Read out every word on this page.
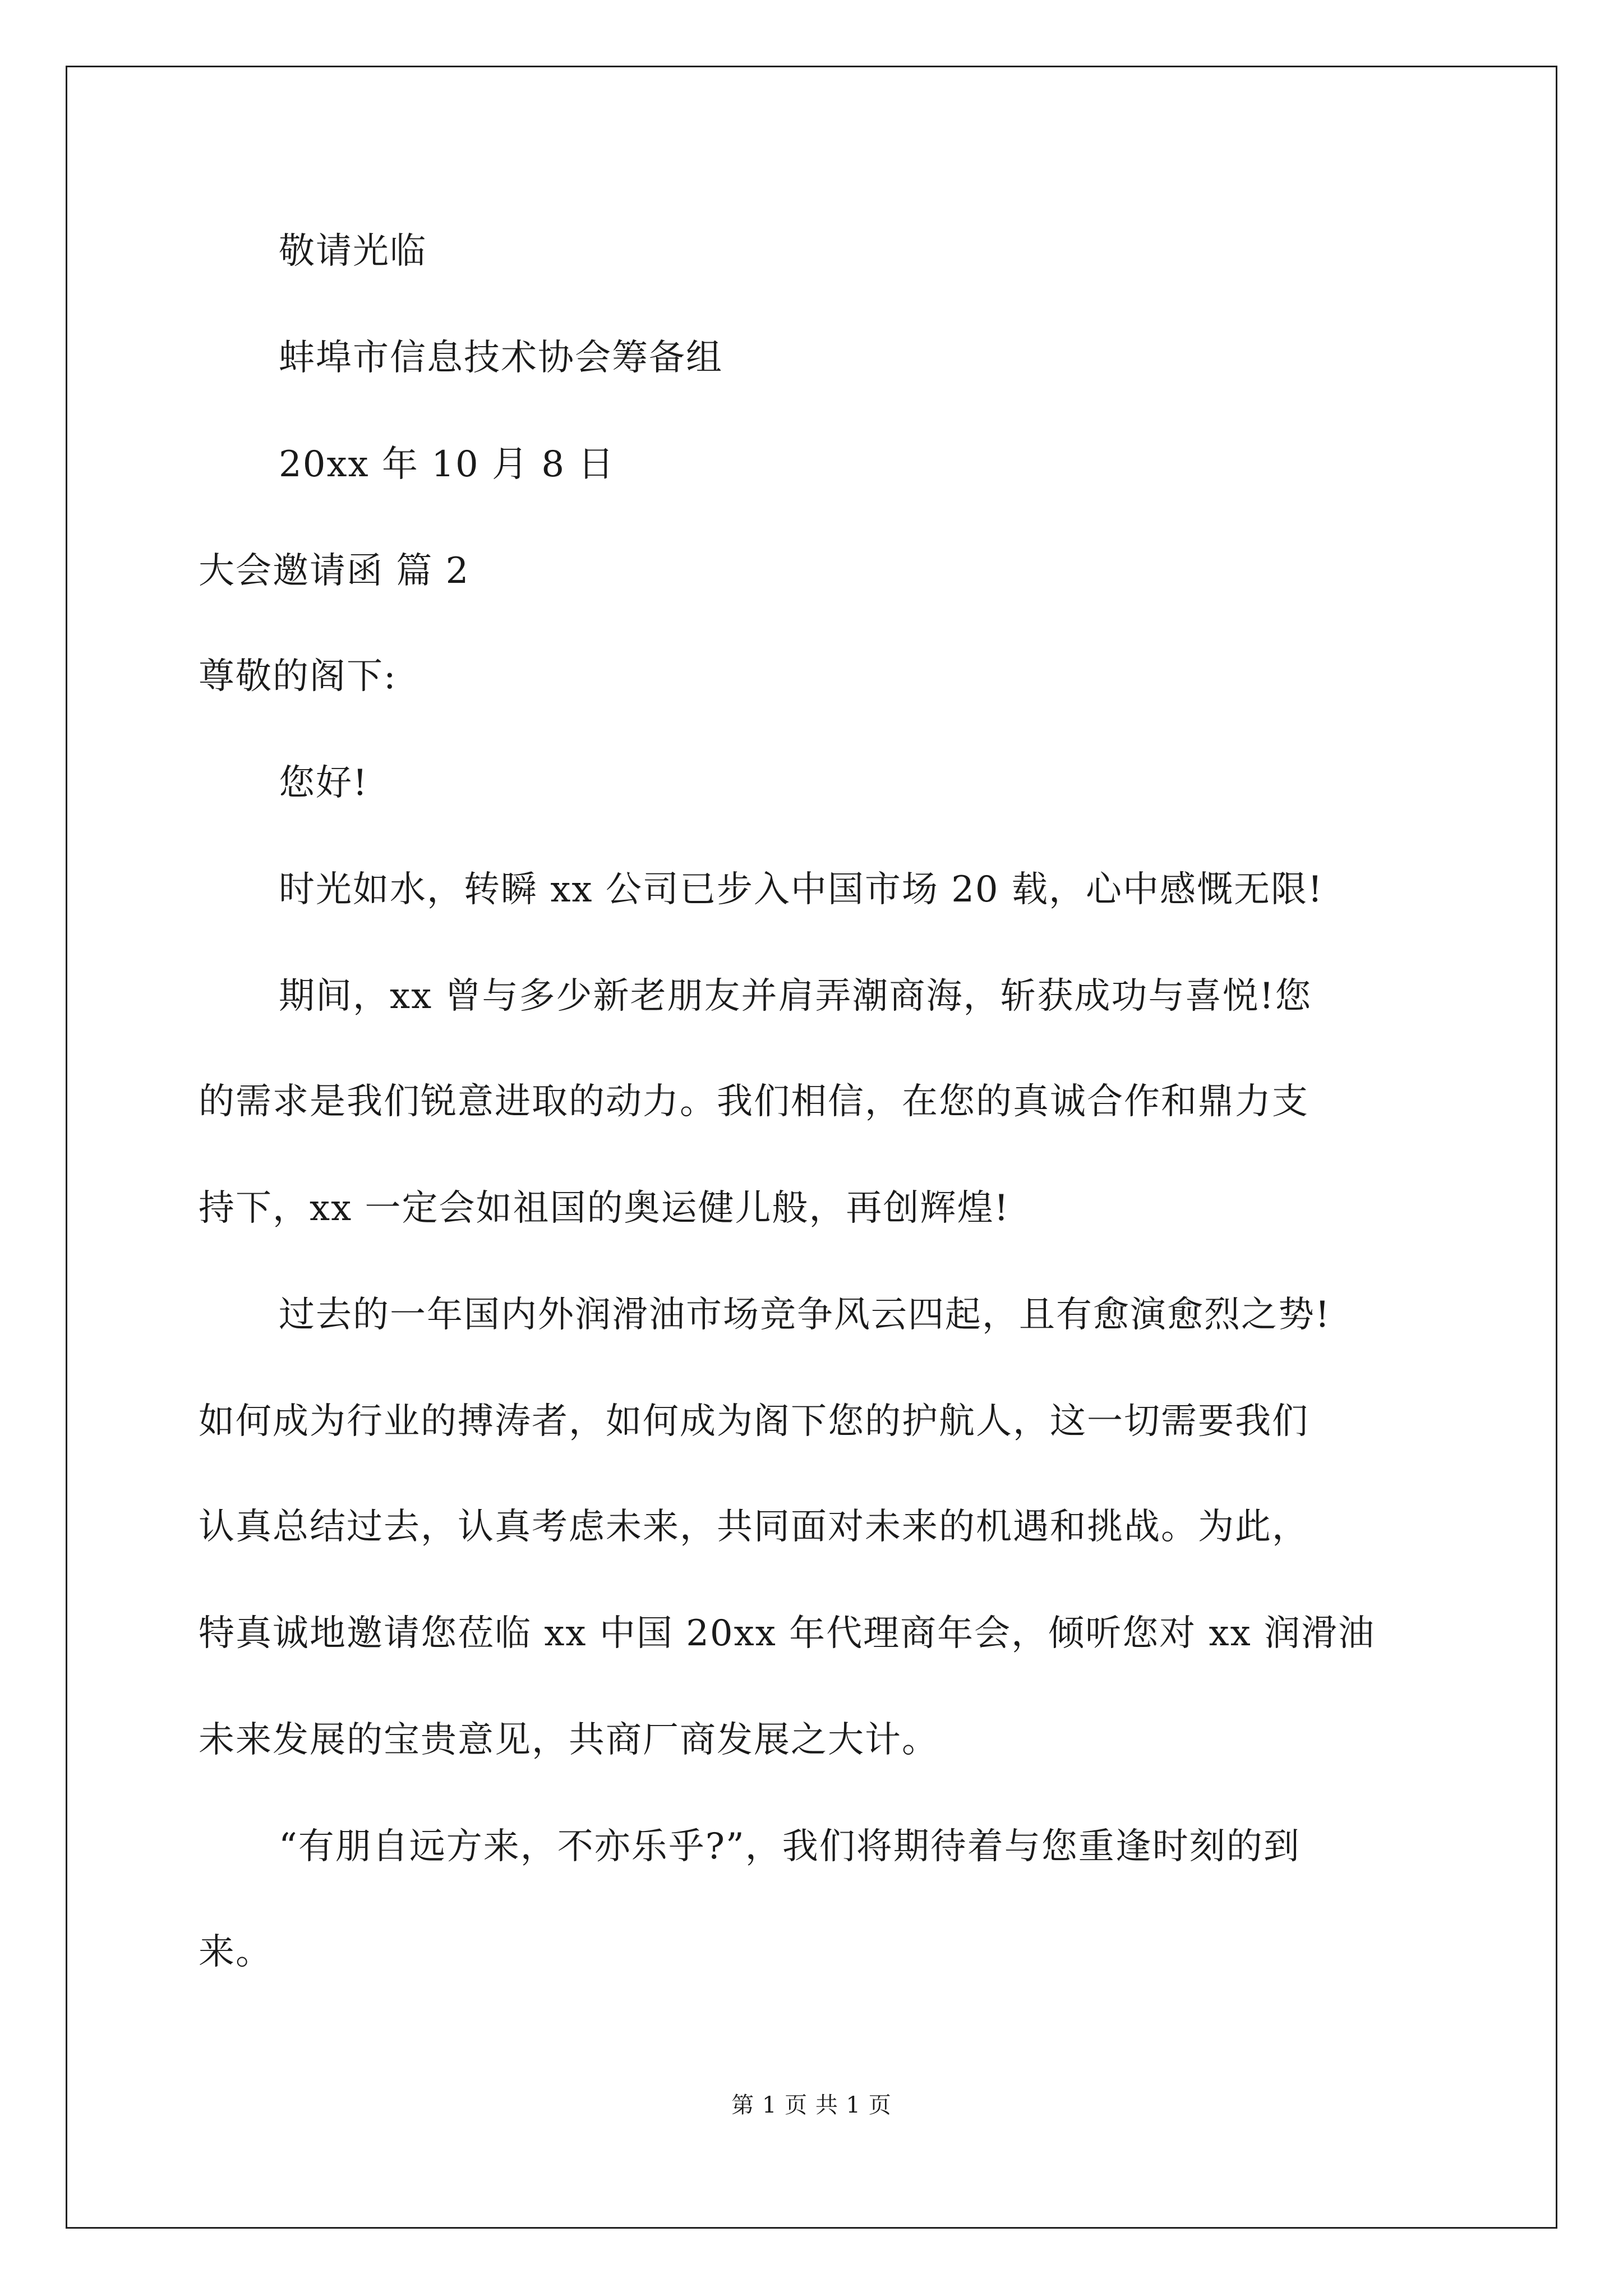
敬请光临
蚌埠市信息技术协会筹备组
20xx 年 10 月 8 日
大会邀请函 篇 2
尊敬的阁下:
您好!
时光如水，转瞬 xx 公司已步入中国市场 20 载，心中感慨无限!
期间，xx 曾与多少新老朋友并肩弄潮商海，斩获成功与喜悦!您
的需求是我们锐意进取的动力。我们相信，在您的真诚合作和鼎力支
持下，xx 一定会如祖国的奥运健儿般，再创辉煌!
过去的一年国内外润滑油市场竞争风云四起，且有愈演愈烈之势!
如何成为行业的搏涛者，如何成为阁下您的护航人，这一切需要我们
认真总结过去，认真考虑未来，共同面对未来的机遇和挑战。为此，
特真诚地邀请您莅临 xx 中国 20xx 年代理商年会，倾听您对 xx 润滑油
未来发展的宝贵意见，共商厂商发展之大计。
“有朋自远方来，不亦乐乎?”，我们将期待着与您重逢时刻的到
来。
第 1 页 共 1 页
